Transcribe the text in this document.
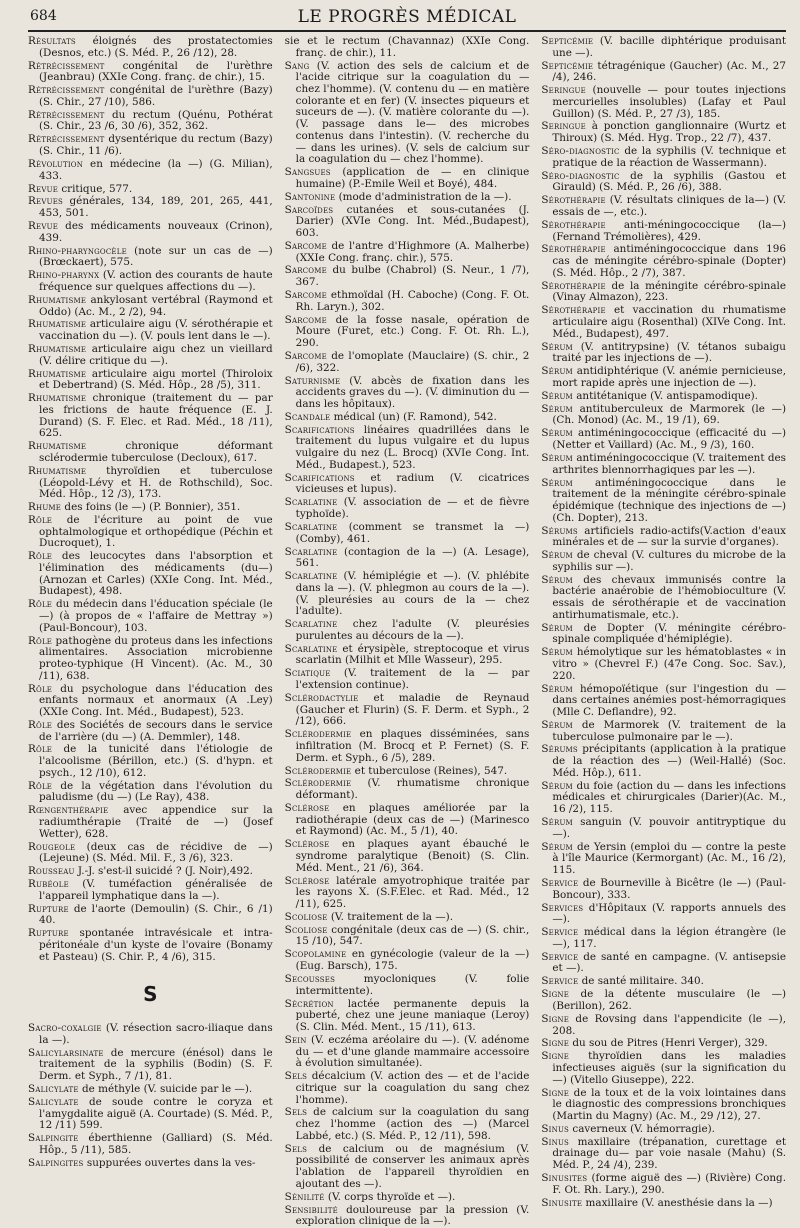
684	LE PROGRÈS MÉDICAL
Résultats éloignés des prostatectomies (Desnos, etc.) (S. Méd. P., 26 /12), 28.
Rétrécissement congénital de l'urèthre (Jeanbrau) (XXIe Cong. franç. de chir.), 15.
Rétrécissement congénital de l'urèthre (Bazy) (S. Chir., 27 /10), 586.
Rétrécissement du rectum (Quénu, Pothérat (S. Chir., 23 /6, 30 /6), 352, 362.
Rétrécissement dysentérique du rectum (Bazy) (S. Chir., 11 /6).
Révolution en médecine (la —) (G. Milian), 433.
Revue critique, 577.
Revues générales, 134, 189, 201, 265, 441, 453, 501.
Revue des médicaments nouveaux (Crinon), 439.
Rhino-pharyngocèle (note sur un cas de —) (Brœckaert), 575.
Rhino-pharynx (V. action des courants de haute fréquence sur quelques affections du —).
Rhumatisme ankylosant vertébral (Raymond et Oddo) (Ac. M., 2 /2), 94.
Rhumatisme articulaire aigu (V. sérothérapie et vaccination du —). (V. pouls lent dans le —).
Rhumatisme articulaire aigu chez un vieillard (V. délire critique du —).
Rhumatisme articulaire aigu mortel (Thiroloix et Debertrand) (S. Méd. Hôp., 28 /5), 311.
Rhumatisme chronique (traitement du — par les frictions de haute fréquence (E. J. Durand) (S. F. Elec. et Rad. Méd., 18 /11), 625.
Rhumatisme	chronique déformant sclérodermie tuberculose (Decloux), 617.
Rhumatisme thyroïdien et tuberculose (Léopold-Lévy et H. de Rothschild), Soc. Méd. Hôp., 12 /3), 173.
Rhume des foins (le —) (P. Bonnier), 351.
Rôle de l'écriture au point de vue ophtalmologique et orthopédique (Péchin et Ducroquet), 1.
Rôle des leucocytes dans l'absorption et l'élimination des médicaments (du—) (Arnozan et Carles) (XXIe Cong. Int. Méd., Budapest), 498.
Rôle du médecin dans l'éducation spéciale (le —) (à propos de « l'affaire de Mettray ») (Paul-Boncour), 103.
Rôle pathogène du proteus dans les infections alimentaires. Association microbienne proteo-typhique (H Vincent). (Ac. M., 30 /11), 638.
Rôle du psychologue dans l'éducation des enfants normaux et anormaux (A .Ley) (XXIe Cong. Int. Méd., Budapest), 523.
Rôle des Sociétés de secours dans le service de l'arrière (du —) (A. Demmler), 148.
Rôle de la tunicité dans l'étiologie de l'alcoolisme (Bérillon, etc.) (S. d'hypn. et psych., 12 /10), 612.
Rôle de la végétation dans l'évolution du paludisme (du —) (Le Ray), 438.
Rœngenthérapie avec appendice sur la radiumthérapie (Traité de —) (Josef Wetter), 628.
Rougeole (deux cas de récidive de —) (Lejeune) (S. Méd. Mil. F., 3 /6), 323.
Rousseau J.-J. s'est-il suicidé ? (J. Noir),492.
Rubéole (V. tuméfaction généralisée de l'appareil lymphatique dans la —).
Rupture de l'aorte (Demoulin) (S. Chir., 6 /1) 40.
Rupture spontanée intravésicale et intra-péritonéale d'un kyste de l'ovaire (Bonamy et Pasteau) (S. Chir. P., 4 /6), 315.
S
Sacro-coxalgie (V. résection sacro-iliaque dans la —).
Salicylarsinate de mercure (énésol) dans le traitement de la syphilis (Bodin) (S. F. Derm. et Syph., 7 /1), 81.
Salicylate de méthyle (V. suicide par le —).
Salicylate de soude contre le coryza et l'amygdalite aiguë (A. Courtade) (S. Méd. P., 12 /11) 599.
Salpingite éberthienne (Galliard) (S. Méd. Hôp., 5 /11), 585.
Salpingites suppurées ouvertes dans la ves-
sie et le rectum (Chavannaz) (XXIe Cong. franç. de chir.), 11.
Sang (V. action des sels de calcium et de l'acide citrique sur la coagulation du — chez l'homme). (V. contenu du — en matière colorante et en fer) (V. insectes piqueurs et suceurs de —). (V. matière colorante du —). (V. passage dans le— des microbes contenus dans l'intestin). (V. recherche du — dans les urines). (V. sels de calcium sur la coagulation du — chez l'homme).
Sangsues (application de — en clinique humaine) (P.-Emile Weil et Boyé), 484.
Santonine (mode d'administration de la —).
Sarcoïdes cutanées et sous-cutanées (J. Darier) (XVIe Cong. Int. Méd.,Budapest), 603.
Sarcome de l'antre d'Highmore (A. Malherbe) (XXIe Cong. franç. chir.), 575.
Sarcome du bulbe (Chabrol) (S. Neur., 1 /7), 367.
Sarcome ethmoïdal (H. Caboche) (Cong. F. Ot. Rh. Laryn.), 302.
Sarcome de la fosse nasale, opération de Moure (Furet, etc.) Cong. F. Ot. Rh. L.), 290.
Sarcome de l'omoplate (Mauclaire) (S. chir., 2 /6), 322.
Saturnisme (V. abcès de fixation dans les accidents graves du —). (V. diminution du — dans les hôpitaux).
Scandale médical (un) (F. Ramond), 542.
Scarifications linéaires quadrillées dans le traitement du lupus vulgaire et du lupus vulgaire du nez (L. Brocq) (XVIe Cong. Int. Méd., Budapest.), 523.
Scarifications et radium (V. cicatrices vicieuses et lupus).
Scarlatine (V. association de — et de fièvre typhoïde).
Scarlatine (comment se transmet la —) (Comby), 461.
Scarlatine (contagion de la —) (A. Lesage), 561.
Scarlatine (V. hémiplégie et —). (V. phlébite dans la —). (V. phlegmon au cours de la —). (V. pleurésies au cours de la — chez l'adulte).
Scarlatine chez l'adulte (V. pleurésies purulentes au décours de la —).
Scarlatine et érysipèle, streptocoque et virus scarlatin (Milhit et Mlle Wasseur), 295.
Sciatique (V. traitement de la — par l'extension continue).
Sclérodactylie et maladie de Reynaud (Gaucher et Flurin) (S. F. Derm. et Syph., 2 /12), 666.
Sclérodermie en plaques disséminées, sans infiltration (M. Brocq et P. Fernet) (S. F. Derm. et Syph., 6 /5), 289.
Sclérodermie et tuberculose (Reines), 547.
Sclérodermie (V. rhumatisme chronique déformant).
Sclérose en plaques améliorée par la radiothérapie (deux cas de —) (Marinesco et Raymond) (Ac. M., 5 /1), 40.
Sclérose en plaques ayant ébauché le syndrome paralytique (Benoit) (S. Clin. Méd. Ment., 21 /6), 364.
Sclérose latérale amyotrophique traitée par les rayons X. (S.F.Elec. et Rad. Méd., 12 /11), 625.
Scoliose (V. traitement de la —).
Scoliose congénitale (deux cas de —) (S. chir., 15 /10), 547.
Scopolamine en gynécologie (valeur de la —) (Eug. Barsch), 175.
Secousses	myocloniques (V. folie intermittente).
Sécrétion lactée permanente depuis la puberté, chez une jeune maniaque (Leroy) (S. Clin. Méd. Ment., 15 /11), 613.
Sein (V. eczéma aréolaire du —). (V. adénome du — et d'une glande mammaire accessoire à évolution simultanée).
Sels décalcium (V. action des — et de l'acide citrique sur la coagulation du sang chez l'homme).
Sels de calcium sur la coagulation du sang chez l'homme (action des —) (Marcel Labbé, etc.) (S. Méd. P., 12 /11), 598.
Sels de calcium ou de magnésium (V. possibilité de conserver les animaux après l'ablation de l'appareil thyroïdien en ajoutant des —).
Sénilité (V. corps thyroïde et —).
Sensibilité douloureuse par la pression (V. exploration clinique de la —).
Septicémie (V. bacille diphtérique produisant une —).
Septicémie tétragénique (Gaucher) (Ac. M., 27 /4), 246.
Seringue (nouvelle — pour toutes injections mercurielles insolubles) (Lafay et Paul Guillon) (S. Méd. P., 27 /3), 185.
Seringue à ponction ganglionnaire (Wurtz et Thiroux) (S. Méd. Hyg. Trop., 22 /7), 437.
Séro-diagnostic de la syphilis (V. technique et pratique de la réaction de Wassermann).
Séro-diagnostic de la syphilis (Gastou et Girauld) (S. Méd. P., 26 /6), 388.
Sérothérapie (V. résultats cliniques de la—) (V. essais de —, etc.).
Sérothérapie anti-méningococcique (la—) (Fernand Trémolières), 429.
Sérothérapie antiméningococcique dans 196 cas de méningite cérébro-spinale (Dopter) (S. Méd. Hôp., 2 /7), 387.
Sérothérapie de la méningite cérébro-spinale (Vinay Almazon), 223.
Sérothérapie et vaccination du rhumatisme articulaire aigu (Rosenthal) (XIVe Cong. Int. Méd., Budapest), 497.
Sérum (V. antitrypsine) (V. tétanos subaigu traité par les injections de —).
Sérum antidiphtérique (V. anémie pernicieuse, mort rapide après une injection de —).
Sérum antitétanique (V. antispamodique).
Sérum antituberculeux de Marmorek (le —) (Ch. Monod) (Ac. M., 19 /1), 69.
Sérum antiméningococcique (efficacité du —) (Netter et Vaillard) (Ac. M., 9 /3), 160.
Sérum antiméningococcique (V. traitement des arthrites blennorrhagiques par les —).
Sérum antiméningococcique dans le traitement de la méningite cérébro-spinale épidémique (technique des injections de —) (Ch. Dopter), 213.
Sérums artificiels radio-actifs(V.action d'eaux minérales et de — sur la survie d'organes).
Sérum de cheval (V. cultures du microbe de la syphilis sur —).
Sérum des chevaux immunisés contre la bactérie anaérobie de l'hémobioculture (V. essais de sérothérapie et de vaccination antirhumatismale, etc.).
Sérum de Dopter (V. méningite cérébro-spinale compliquée d'hémiplégie).
Sérum hémolytique sur les hématoblastes « in vitro » (Chevrel F.) (47e Cong. Soc. Sav.), 220.
Sérum hémopoïétique (sur l'ingestion du — dans certaines anémies post-hémorragiques (Mlle C. Deflandre), 92.
Sérum de Marmorek (V. traitement de la tuberculose pulmonaire par le —).
Sérums précipitants (application à la pratique de la réaction des —) (Weil-Hallé) (Soc. Méd. Hôp.), 611.
Sérum du foie (action du — dans les infections médicales et chirurgicales (Darier)(Ac. M., 16 /2), 115.
Sérum sanguin (V. pouvoir antitryptique du —).
Sérum de Yersin (emploi du — contre la peste à l'île Maurice (Kermorgant) (Ac. M., 16 /2), 115.
Service de Bourneville à Bicêtre (le —) (Paul-Boncour), 333.
Services d'Hôpitaux (V. rapports annuels des —).
Service médical dans la légion étrangère (le—), 117.
Service de santé en campagne. (V. antisepsie et —).
Service de santé militaire. 340.
Signe de la détente musculaire (le —) (Berillon), 262.
Signe de Rovsing dans l'appendicite (le —), 208.
Signe du sou de Pitres (Henri Verger), 329.
Signe thyroïdien dans les maladies infectieuses aiguës (sur la signification du —) (Vitello Giuseppe), 222.
Signe de la toux et de la voix lointaines dans le diagnostic des compressions bronchiques (Martin du Magny) (Ac. M., 29 /12), 27.
Sinus caverneux (V. hémorragie).
Sinus maxillaire (trépanation, curettage et drainage du— par voie nasale (Mahu) (S. Méd. P., 24 /4), 239.
Sinusites (forme aiguë des —) (Rivière) Cong. F. Ot. Rh. Lary.), 290.
Sinusite maxillaire (V. anesthésie dans la —)
